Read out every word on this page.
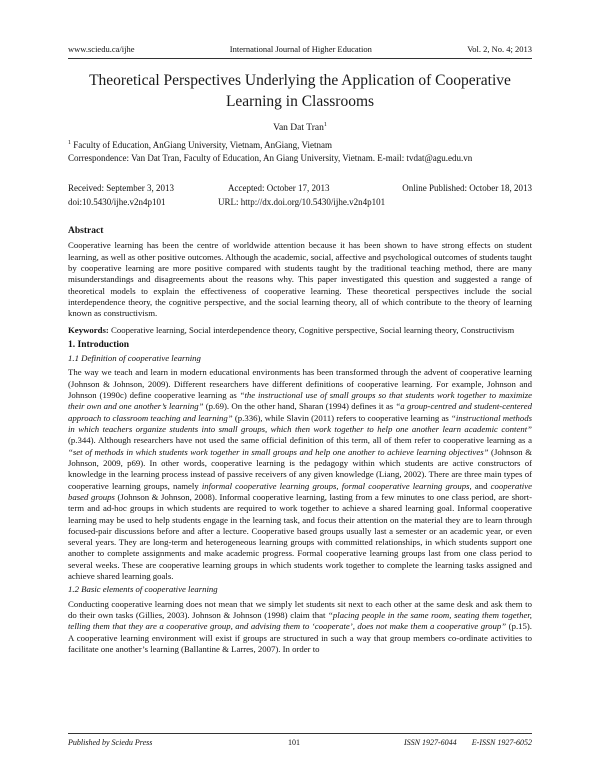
www.sciedu.ca/ijhe	International Journal of Higher Education	Vol. 2, No. 4; 2013
Theoretical Perspectives Underlying the Application of Cooperative Learning in Classrooms
Van Dat Tran$^1$
$^1$ Faculty of Education, AnGiang University, Vietnam, AnGiang, Vietnam
Correspondence: Van Dat Tran, Faculty of Education, An Giang University, Vietnam. E-mail: tvdat@agu.edu.vn
Received: September 3, 2013	Accepted: October 17, 2013	Online Published: October 18, 2013
doi:10.5430/ijhe.v2n4p101	URL: http://dx.doi.org/10.5430/ijhe.v2n4p101

Abstract

Cooperative learning has been the centre of worldwide attention because it has been shown to have strong effects on student learning, as well as other positive outcomes. Although the academic, social, affective and psychological outcomes of students taught by cooperative learning are more positive compared with students taught by the traditional teaching method, there are many misunderstandings and disagreements about the reasons why. This paper investigated this question and suggested a range of theoretical models to explain the effectiveness of cooperative learning. These theoretical perspectives include the social interdependence theory, the cognitive perspective, and the social learning theory, all of which contribute to the theory of learning known as constructivism.

Keywords: Cooperative learning, Social interdependence theory, Cognitive perspective, Social learning theory, Constructivism

1. Introduction

1.1 Definition of cooperative learning

The way we teach and learn in modern educational environments has been transformed through the advent of cooperative learning (Johnson & Johnson, 2009). Different researchers have different definitions of cooperative learning. For example, Johnson and Johnson (1990c) define cooperative learning as “the instructional use of small groups so that students work together to maximize their own and one another’s learning” (p.69). On the other hand, Sharan (1994) defines it as “a group-centred and student-centered approach to classroom teaching and learning” (p.336), while Slavin (2011) refers to cooperative learning as “instructional methods in which teachers organize students into small groups, which then work together to help one another learn academic content” (p.344). Although researchers have not used the same official definition of this term, all of them refer to cooperative learning as a “set of methods in which students work together in small groups and help one another to achieve learning objectives” (Johnson & Johnson, 2009, p69). In other words, cooperative learning is the pedagogy within which students are active constructors of knowledge in the learning process instead of passive receivers of any given knowledge (Liang, 2002). There are three main types of cooperative learning groups, namely informal cooperative learning groups, formal cooperative learning groups, and cooperative based groups (Johnson & Johnson, 2008). Informal cooperative learning, lasting from a few minutes to one class period, are short-term and ad-hoc groups in which students are required to work together to achieve a shared learning goal. Informal cooperative learning may be used to help students engage in the learning task, and focus their attention on the material they are to learn through focused-pair discussions before and after a lecture. Cooperative based groups usually last a semester or an academic year, or even several years. They are long-term and heterogeneous learning groups with committed relationships, in which students support one another to complete assignments and make academic progress. Formal cooperative learning groups last from one class period to several weeks. These are cooperative learning groups in which students work together to complete the learning tasks assigned and achieve shared learning goals.

1.2 Basic elements of cooperative learning

Conducting cooperative learning does not mean that we simply let students sit next to each other at the same desk and ask them to do their own tasks (Gillies, 2003). Johnson & Johnson (1998) claim that “placing people in the same room, seating them together, telling them that they are a cooperative group, and advising them to ‘cooperate’, does not make them a cooperative group” (p.15). A cooperative learning environment will exist if groups are structured in such a way that group members co-ordinate activities to facilitate one another’s learning (Ballantine & Larres, 2007). In order to

Published by Sciedu Press	101	ISSN 1927-6044	E-ISSN 1927-6052
